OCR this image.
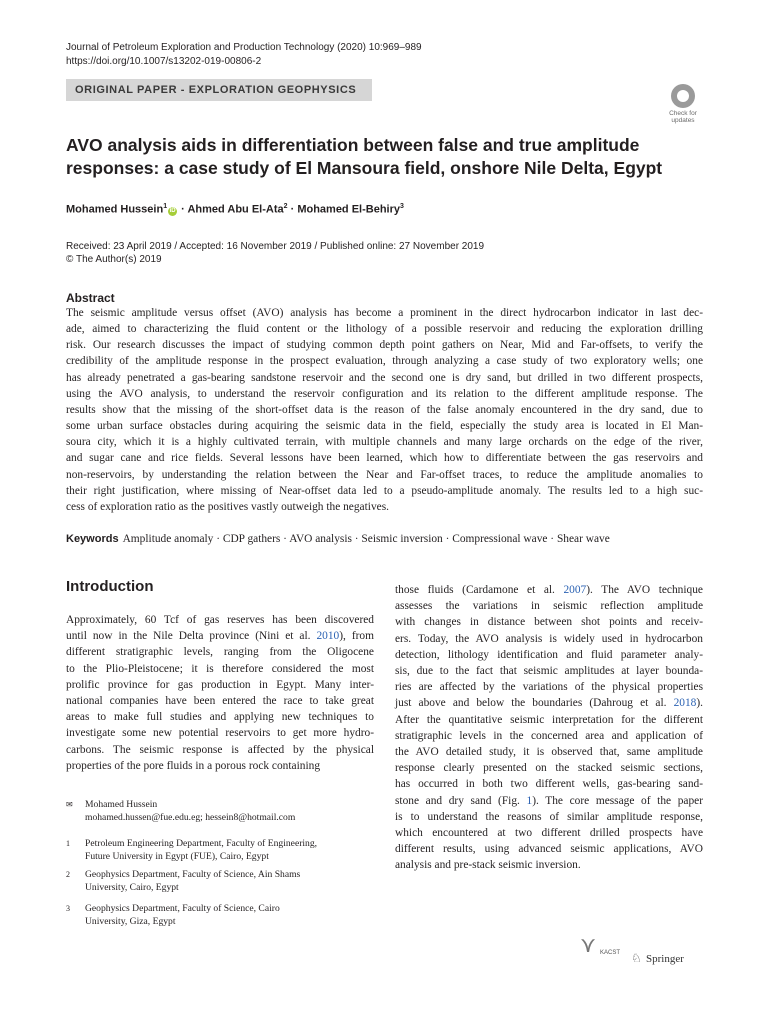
Journal of Petroleum Exploration and Production Technology (2020) 10:969–989
https://doi.org/10.1007/s13202-019-00806-2
ORIGINAL PAPER - EXPLORATION GEOPHYSICS
Check for
updates
AVO analysis aids in differentiation between false and true amplitude
responses: a case study of El Mansoura field, onshore Nile Delta, Egypt
Mohamed Hussein$^1$iD · Ahmed Abu El-Ata$^2$ · Mohamed El-Behiry$^3$
Received: 23 April 2019 / Accepted: 16 November 2019 / Published online: 27 November 2019
© The Author(s) 2019
Abstract
The seismic amplitude versus offset (AVO) analysis has become a prominent in the direct hydrocarbon indicator in last dec-
ade, aimed to characterizing the fluid content or the lithology of a possible reservoir and reducing the exploration drilling
risk. Our research discusses the impact of studying common depth point gathers on Near, Mid and Far-offsets, to verify the
credibility of the amplitude response in the prospect evaluation, through analyzing a case study of two exploratory wells; one
has already penetrated a gas-bearing sandstone reservoir and the second one is dry sand, but drilled in two different prospects,
using the AVO analysis, to understand the reservoir configuration and its relation to the different amplitude response. The
results show that the missing of the short-offset data is the reason of the false anomaly encountered in the dry sand, due to
some urban surface obstacles during acquiring the seismic data in the field, especially the study area is located in El Man-
soura city, which it is a highly cultivated terrain, with multiple channels and many large orchards on the edge of the river,
and sugar cane and rice fields. Several lessons have been learned, which how to differentiate between the gas reservoirs and
non-reservoirs, by understanding the relation between the Near and Far-offset traces, to reduce the amplitude anomalies to
their right justification, where missing of Near-offset data led to a pseudo-amplitude anomaly. The results led to a high suc-
cess of exploration ratio as the positives vastly outweigh the negatives.
Keywords Amplitude anomaly · CDP gathers · AVO analysis · Seismic inversion · Compressional wave · Shear wave
Introduction
Approximately, 60 Tcf of gas reserves has been discovered
until now in the Nile Delta province (Nini et al. 2010), from
different stratigraphic levels, ranging from the Oligocene
to the Plio-Pleistocene; it is therefore considered the most
prolific province for gas production in Egypt. Many inter-
national companies have been entered the race to take great
areas to make full studies and applying new techniques to
investigate some new potential reservoirs to get more hydro-
carbons. The seismic response is affected by the physical
properties of the pore fluids in a porous rock containing
those fluids (Cardamone et al. 2007). The AVO technique
assesses the variations in seismic reflection amplitude
with changes in distance between shot points and receiv-
ers. Today, the AVO analysis is widely used in hydrocarbon
detection, lithology identification and fluid parameter analy-
sis, due to the fact that seismic amplitudes at layer bounda-
ries are affected by the variations of the physical properties
just above and below the boundaries (Dahroug et al. 2018).
After the quantitative seismic interpretation for the different
stratigraphic levels in the concerned area and application of
the AVO detailed study, it is observed that, same amplitude
response clearly presented on the stacked seismic sections,
has occurred in both two different wells, gas-bearing sand-
stone and dry sand (Fig. 1). The core message of the paper
is to understand the reasons of similar amplitude response,
which encountered at two different drilled prospects have
different results, using advanced seismic applications, AVO
analysis and pre-stack seismic inversion.
✉ Mohamed Hussein
mohamed.hussen@fue.edu.eg; hessein8@hotmail.com
1 Petroleum Engineering Department, Faculty of Engineering,
Future University in Egypt (FUE), Cairo, Egypt
2 Geophysics Department, Faculty of Science, Ain Shams
University, Cairo, Egypt
3 Geophysics Department, Faculty of Science, Cairo
University, Giza, Egypt
⋎ KACST ♘ Springer
